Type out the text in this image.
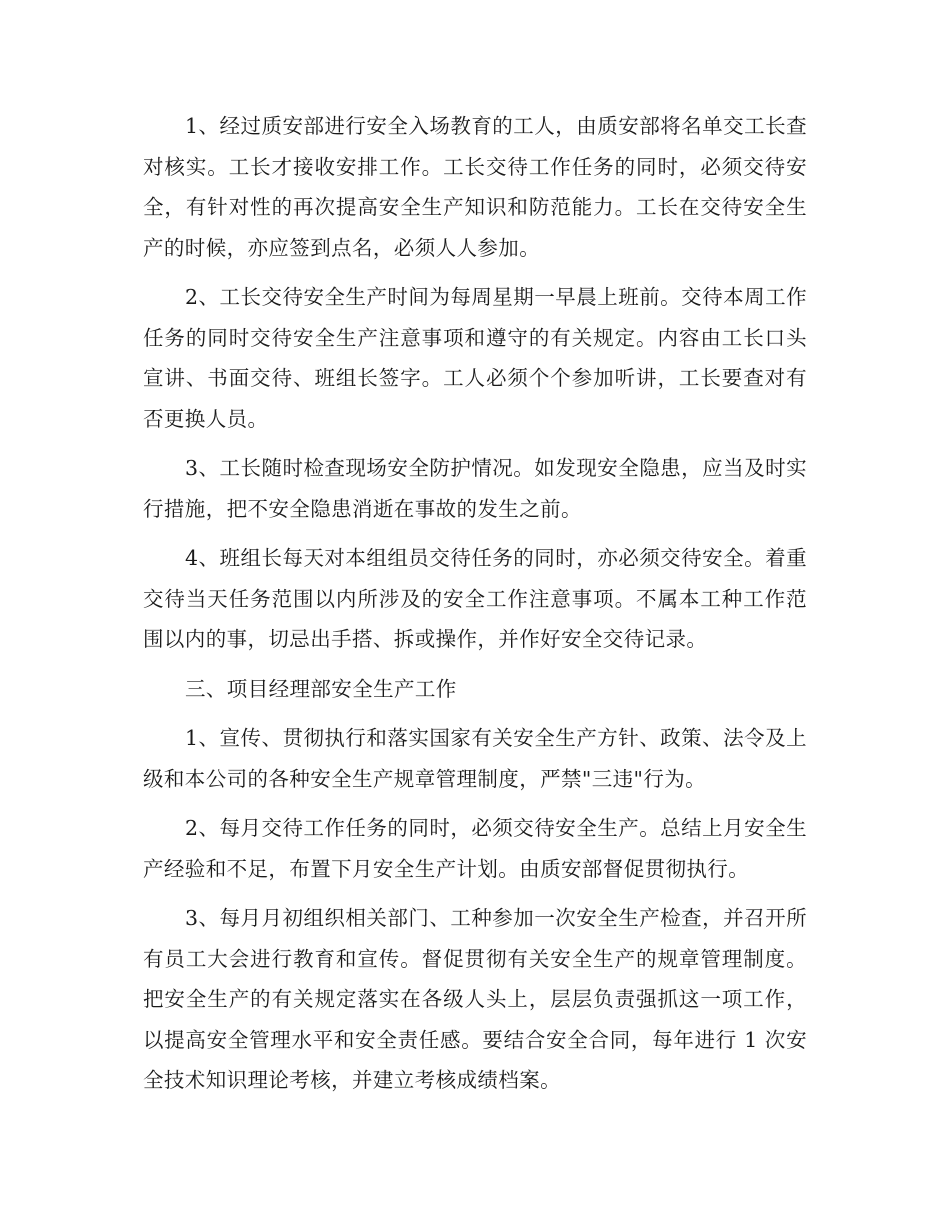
1、经过质安部进行安全入场教育的工人，由质安部将名单交工长查对核实。工长才接收安排工作。工长交待工作任务的同时，必须交待安全，有针对性的再次提高安全生产知识和防范能力。工长在交待安全生产的时候，亦应签到点名，必须人人参加。

2、工长交待安全生产时间为每周星期一早晨上班前。交待本周工作任务的同时交待安全生产注意事项和遵守的有关规定。内容由工长口头宣讲、书面交待、班组长签字。工人必须个个参加听讲，工长要查对有否更换人员。

3、工长随时检查现场安全防护情况。如发现安全隐患，应当及时实行措施，把不安全隐患消逝在事故的发生之前。

4、班组长每天对本组组员交待任务的同时，亦必须交待安全。着重交待当天任务范围以内所涉及的安全工作注意事项。不属本工种工作范围以内的事，切忌出手搭、拆或操作，并作好安全交待记录。

三、项目经理部安全生产工作

1、宣传、贯彻执行和落实国家有关安全生产方针、政策、法令及上级和本公司的各种安全生产规章管理制度，严禁"三违"行为。

2、每月交待工作任务的同时，必须交待安全生产。总结上月安全生产经验和不足，布置下月安全生产计划。由质安部督促贯彻执行。

3、每月月初组织相关部门、工种参加一次安全生产检查，并召开所有员工大会进行教育和宣传。督促贯彻有关安全生产的规章管理制度。把安全生产的有关规定落实在各级人头上，层层负责强抓这一项工作，以提高安全管理水平和安全责任感。要结合安全合同，每年进行 1 次安全技术知识理论考核，并建立考核成绩档案。
